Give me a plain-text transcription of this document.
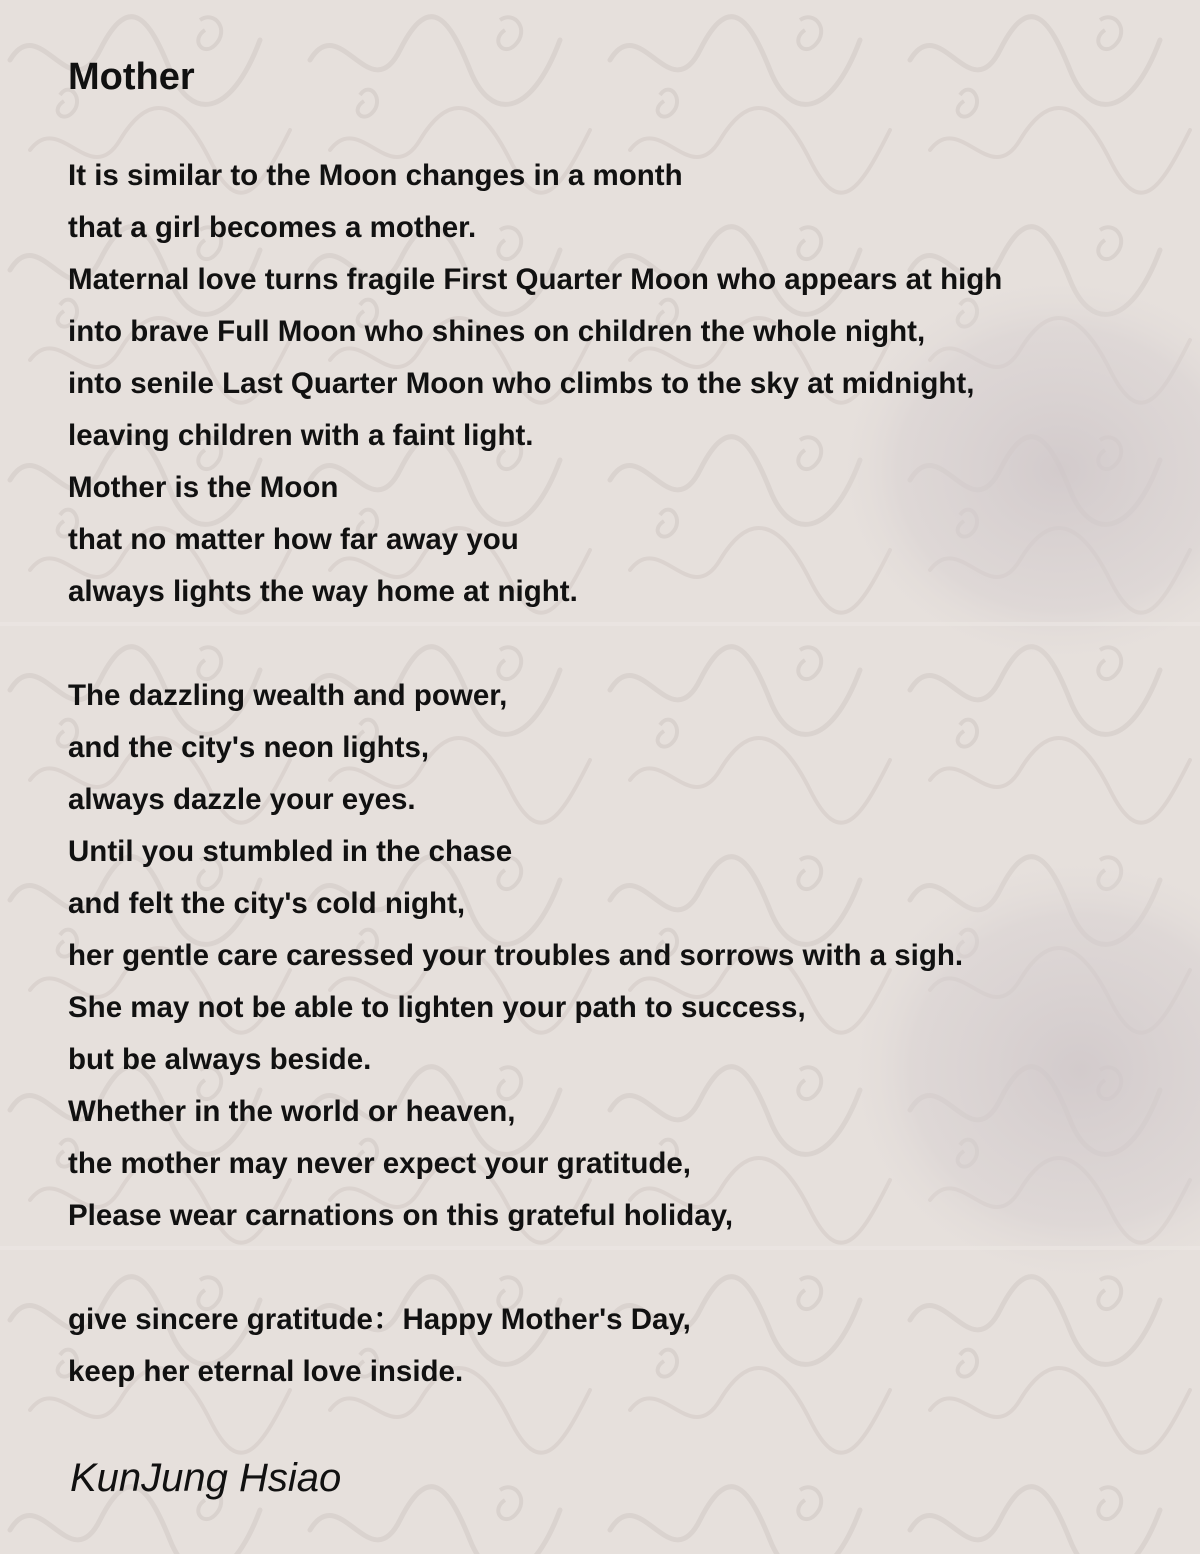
Mother
It is similar to the Moon changes in a month
that a girl becomes a mother.
Maternal love turns fragile First Quarter Moon who appears at high
into brave Full Moon who shines on children the whole night,
into senile Last Quarter Moon who climbs to the sky at midnight,
leaving children with a faint light.
Mother is the Moon
that no matter how far away you
always lights the way home at night.
The dazzling wealth and power,
and the city's neon lights,
always dazzle your eyes.
Until you stumbled in the chase
and felt the city's cold night,
her gentle care caressed your troubles and sorrows with a sigh.
She may not be able to lighten your path to success,
but be always beside.
Whether in the world or heaven,
the mother may never expect your gratitude,
Please wear carnations on this grateful holiday,
give sincere gratitude：Happy Mother's Day,
keep her eternal love inside.

KunJung Hsiao
